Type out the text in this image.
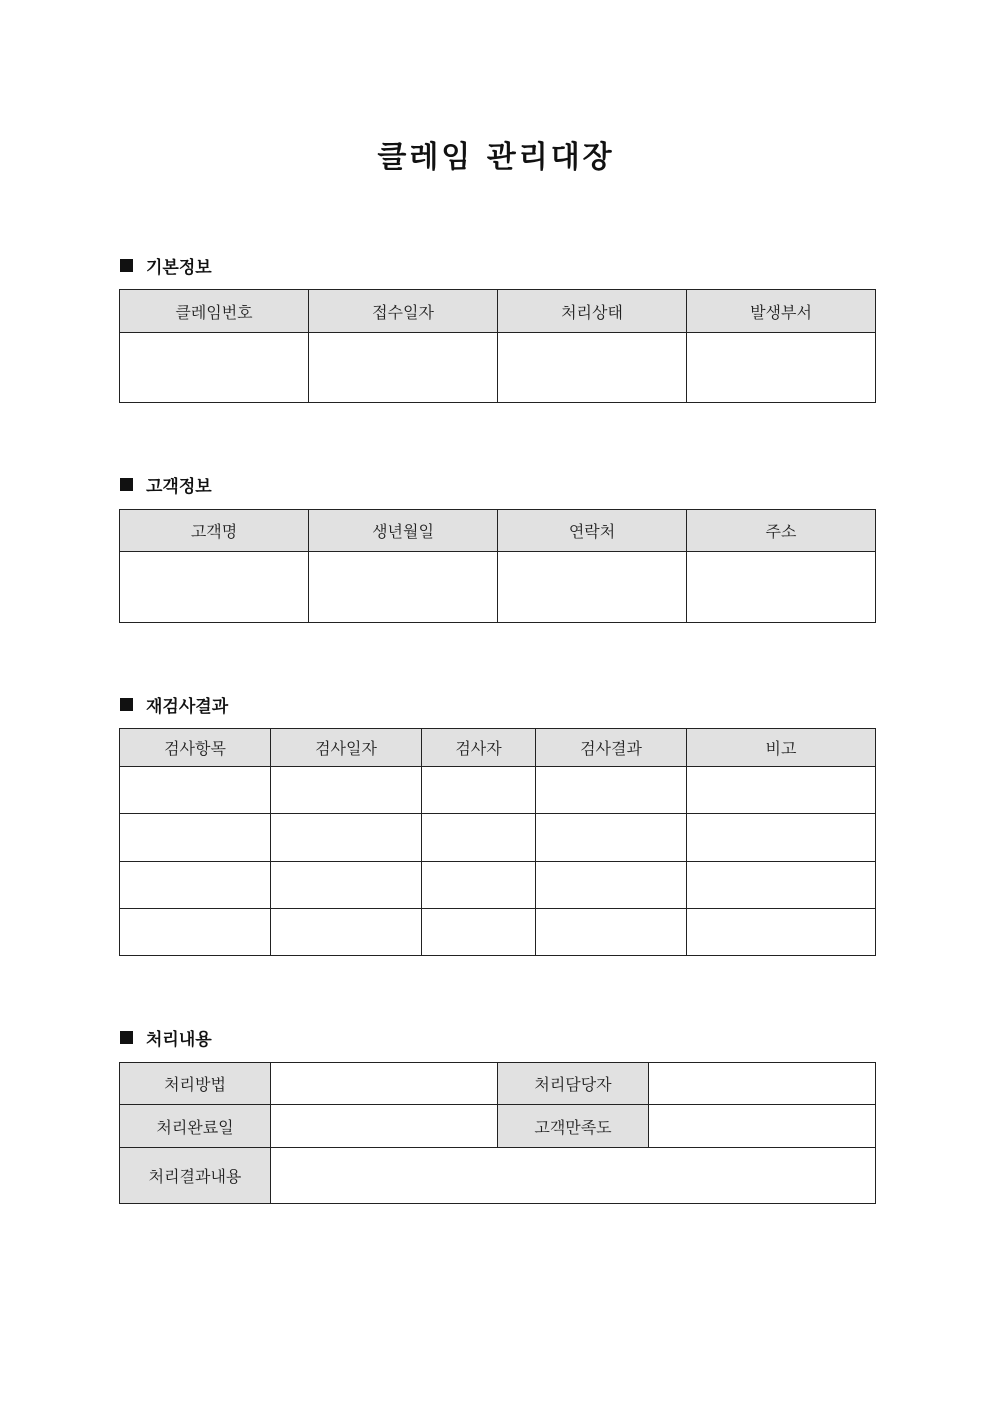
클레임 관리대장
기본정보
클레임번호	접수일자	처리상태	발생부서

고객정보
고객명	생년월일	연락처	주소

재검사결과
검사항목	검사일자	검사자	검사결과	비고

처리내용
처리방법		처리담당자	
처리완료일		고객만족도	
처리결과내용			
